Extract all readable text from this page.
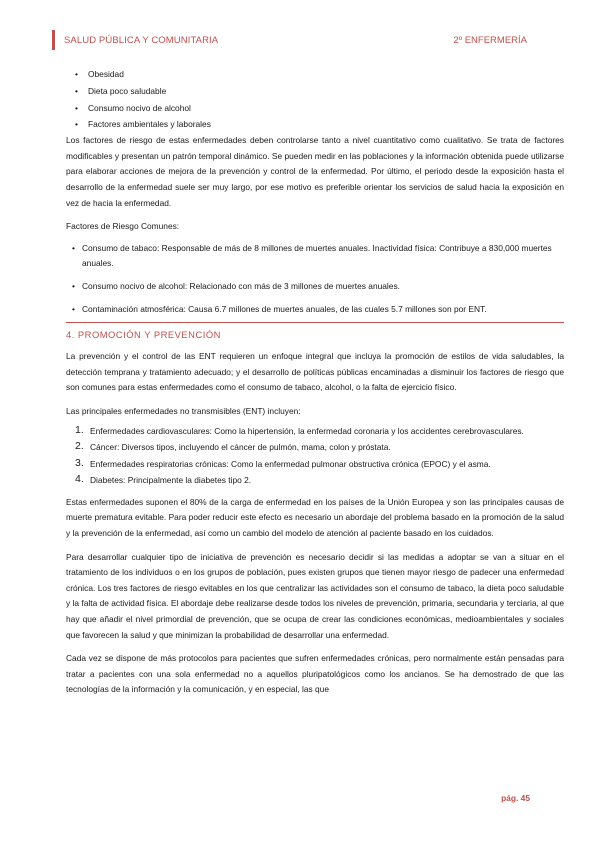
SALUD PÚBLICA Y COMUNITARIA	2º ENFERMERÍA
• Obesidad
• Dieta poco saludable
• Consumo nocivo de alcohol
• Factores ambientales y laborales

Los factores de riesgo de estas enfermedades deben controlarse tanto a nivel cuantitativo como cualitativo. Se trata de factores modificables y presentan un patrón temporal dinámico. Se pueden medir en las poblaciones y la información obtenida puede utilizarse para elaborar acciones de mejora de la prevención y control de la enfermedad. Por último, el periodo desde la exposición hasta el desarrollo de la enfermedad suele ser muy largo, por ese motivo es preferible orientar los servicios de salud hacia la exposición en vez de hacia la enfermedad.

Factores de Riesgo Comunes:

• Consumo de tabaco: Responsable de más de 8 millones de muertes anuales. Inactividad física: Contribuye a 830,000 muertes anuales.
• Consumo nocivo de alcohol: Relacionado con más de 3 millones de muertes anuales.
• Contaminación atmosférica: Causa 6.7 millones de muertes anuales, de las cuales 5.7 millones son por ENT.
4. PROMOCIÓN Y PREVENCIÓN

La prevención y el control de las ENT requieren un enfoque integral que incluya la promoción de estilos de vida saludables, la detección temprana y tratamiento adecuado; y el desarrollo de políticas públicas encaminadas a disminuir los factores de riesgo que son comunes para estas enfermedades como el consumo de tabaco, alcohol, o la falta de ejercicio físico.

Las principales enfermedades no transmisibles (ENT) incluyen:

1. Enfermedades cardiovasculares: Como la hipertensión, la enfermedad coronaria y los accidentes cerebrovasculares.
2. Cáncer: Diversos tipos, incluyendo el cáncer de pulmón, mama, colon y próstata.
3. Enfermedades respiratorias crónicas: Como la enfermedad pulmonar obstructiva crónica (EPOC) y el asma.
4. Diabetes: Principalmente la diabetes tipo 2.

Estas enfermedades suponen el 80% de la carga de enfermedad en los países de la Unión Europea y son las principales causas de muerte prematura evitable. Para poder reducir este efecto es necesario un abordaje del problema basado en la promoción de la salud y la prevención de la enfermedad, así como un cambio del modelo de atención al paciente basado en los cuidados.

Para desarrollar cualquier tipo de iniciativa de prevención es necesario decidir si las medidas a adoptar se van a situar en el tratamiento de los individuos o en los grupos de población, pues existen grupos que tienen mayor riesgo de padecer una enfermedad crónica. Los tres factores de riesgo evitables en los que centralizar las actividades son el consumo de tabaco, la dieta poco saludable y la falta de actividad física. El abordaje debe realizarse desde todos los niveles de prevención, primaria, secundaria y terciaria, al que hay que añadir el nivel primordial de prevención, que se ocupa de crear las condiciones económicas, medioambientales y sociales que favorecen la salud y que minimizan la probabilidad de desarrollar una enfermedad.

Cada vez se dispone de más protocolos para pacientes que sufren enfermedades crónicas, pero normalmente están pensadas para tratar a pacientes con una sola enfermedad no a aquellos pluripatológicos como los ancianos. Se ha demostrado de que las tecnologías de la información y la comunicación, y en especial, las que

pág. 45
